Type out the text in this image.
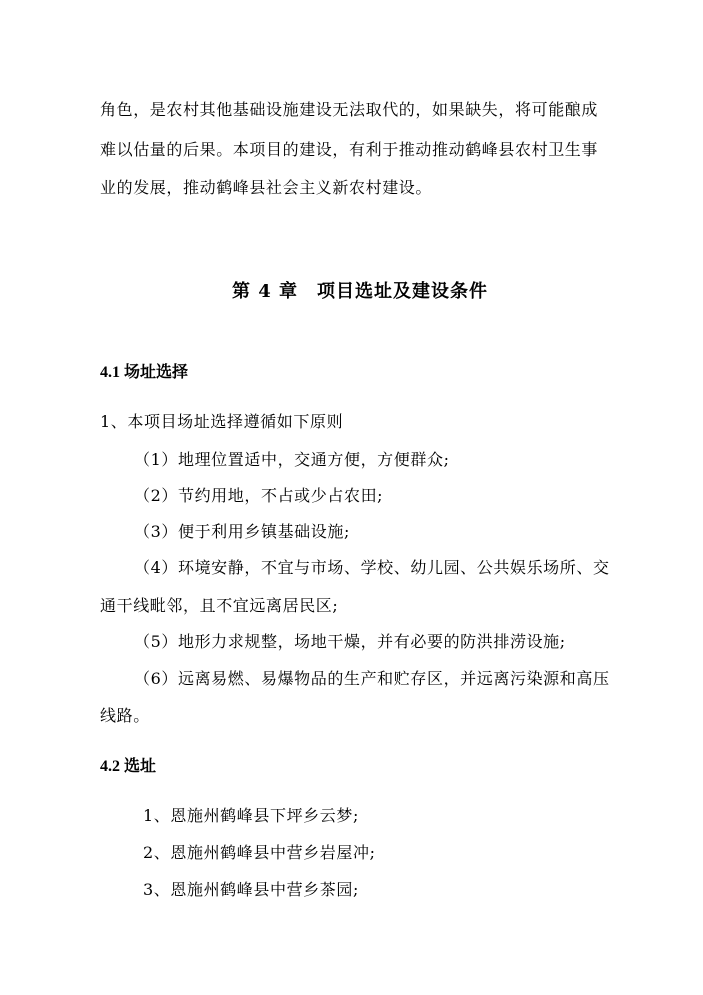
角色，是农村其他基础设施建设无法取代的，如果缺失，将可能酿成
难以估量的后果。本项目的建设，有利于推动推动鹤峰县农村卫生事
业的发展，推动鹤峰县社会主义新农村建设。
第 4 章　项目选址及建设条件
4.1 场址选择
1、本项目场址选择遵循如下原则
（1）地理位置适中，交通方便，方便群众;
（2）节约用地，不占或少占农田;
（3）便于利用乡镇基础设施;
（4）环境安静，不宜与市场、学校、幼儿园、公共娱乐场所、交
通干线毗邻，且不宜远离居民区;
（5）地形力求规整，场地干燥，并有必要的防洪排涝设施;
（6）远离易燃、易爆物品的生产和贮存区，并远离污染源和高压
线路。
4.2 选址
1、恩施州鹤峰县下坪乡云梦;
2、恩施州鹤峰县中营乡岩屋冲;
3、恩施州鹤峰县中营乡茶园;
